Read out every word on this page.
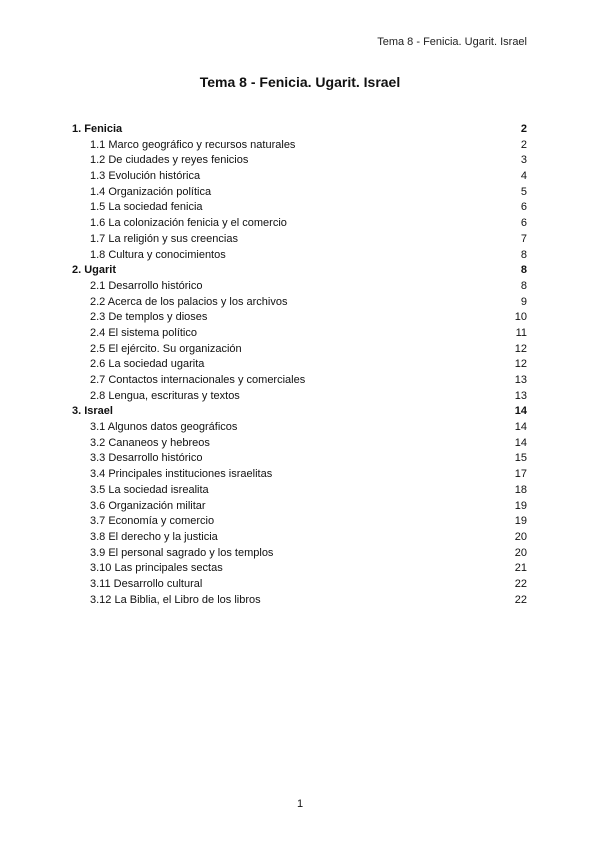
Tema 8 - Fenicia. Ugarit. Israel
Tema 8 - Fenicia. Ugarit. Israel
1. Fenicia	2
1.1 Marco geográfico y recursos naturales	2
1.2 De ciudades y reyes fenicios	3
1.3 Evolución histórica	4
1.4 Organización política	5
1.5 La sociedad fenicia	6
1.6 La colonización fenicia y el comercio	6
1.7 La religión y sus creencias	7
1.8 Cultura y conocimientos	8
2. Ugarit	8
2.1 Desarrollo histórico	8
2.2 Acerca de los palacios y los archivos	9
2.3 De templos y dioses	10
2.4 El sistema político	11
2.5 El ejército. Su organización	12
2.6 La sociedad ugarita	12
2.7 Contactos internacionales y comerciales	13
2.8 Lengua, escrituras y textos	13
3. Israel	14
3.1 Algunos datos geográficos	14
3.2 Cananeos y hebreos	14
3.3 Desarrollo histórico	15
3.4 Principales instituciones israelitas	17
3.5 La sociedad isrealita	18
3.6 Organización militar	19
3.7 Economía y comercio	19
3.8 El derecho y la justicia	20
3.9 El personal sagrado y los templos	20
3.10 Las principales sectas	21
3.11 Desarrollo cultural	22
3.12 La Biblia, el Libro de los libros	22
1
